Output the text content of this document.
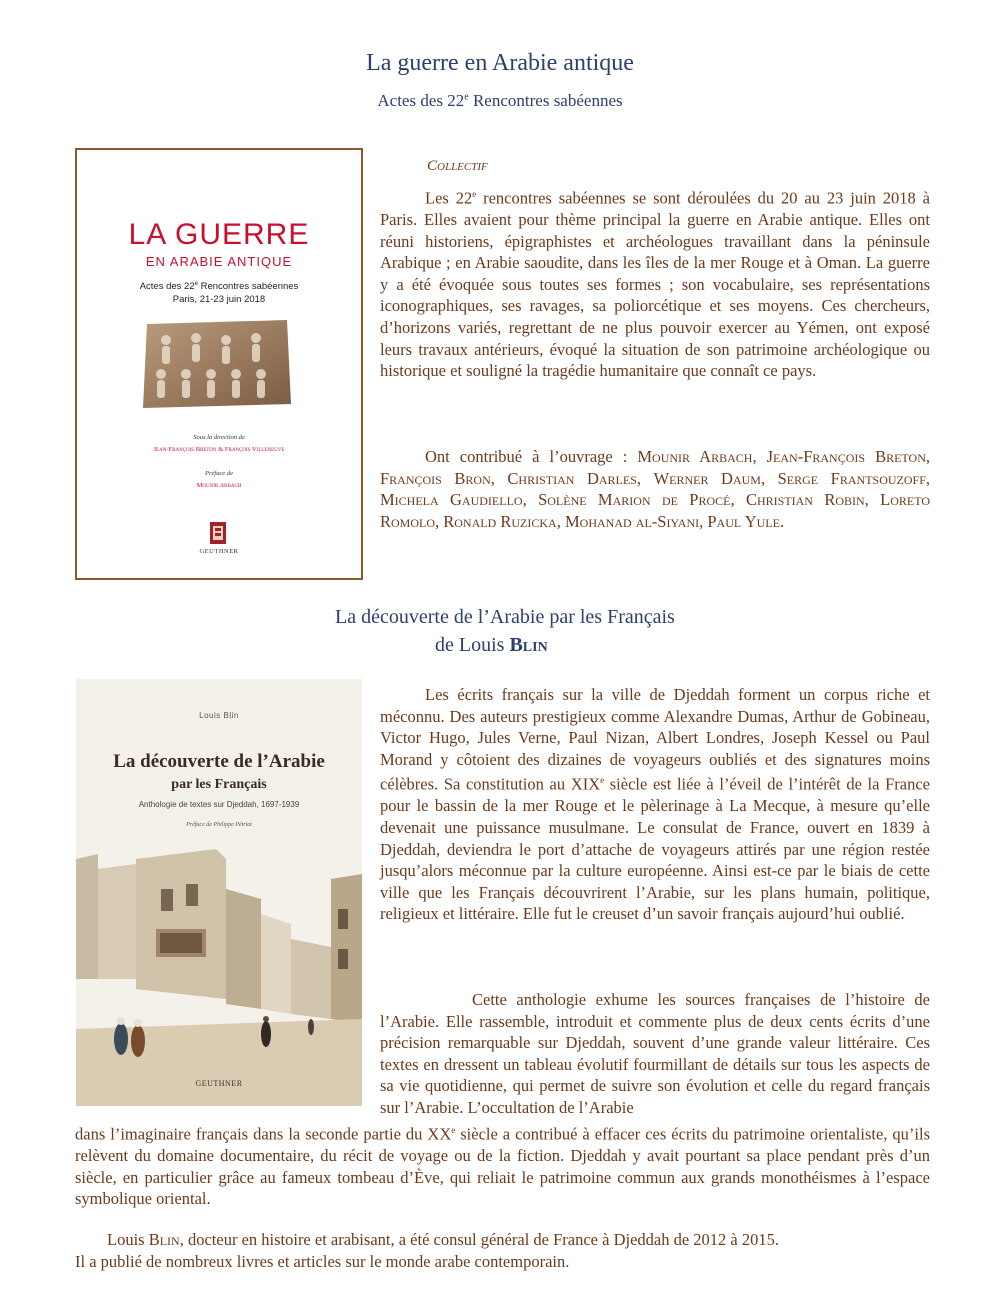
La guerre en Arabie antique
Actes des 22e Rencontres sabéennes
LA GUERRE
EN ARABIE ANTIQUE
Actes des 22e Rencontres sabéennes
Paris, 21-23 juin 2018
Sous la direction de
Jean-François Breton & François Villeneuve
Préface de
Mounir Arbach
GEUTHNER
Collectif

Les 22e rencontres sabéennes se sont déroulées du 20 au 23 juin 2018 à Paris. Elles avaient pour thème principal la guerre en Arabie antique. Elles ont réuni historiens, épigraphistes et archéologues travaillant dans la péninsule Arabique ; en Arabie saoudite, dans les îles de la mer Rouge et à Oman. La guerre y a été évoquée sous toutes ses formes ; son vocabulaire, ses représentations iconographiques, ses ravages, sa poliorcétique et ses moyens. Ces chercheurs, d’horizons variés, regrettant de ne plus pouvoir exercer au Yémen, ont exposé leurs travaux antérieurs, évoqué la situation de son patrimoine archéologique ou historique et souligné la tragédie humanitaire que connaît ce pays.

Ont contribué à l’ouvrage : Mounir Arbach, Jean-François Breton, François Bron, Christian Darles, Werner Daum, Serge Frantsouzoff, Michela Gaudiello, Solène Marion de Procé, Christian Robin, Loreto Romolo, Ronald Ruzicka, Mohanad al-Siyani, Paul Yule.

La découverte de l’Arabie par les Français
de Louis Blin
Louis Blin
La découverte de l’Arabie
par les Français
Anthologie de textes sur Djeddah, 1697-1939
Préface de Philippe Pétriat
GEUTHNER

Les écrits français sur la ville de Djeddah forment un corpus riche et méconnu. Des auteurs prestigieux comme Alexandre Dumas, Arthur de Gobineau, Victor Hugo, Jules Verne, Paul Nizan, Albert Londres, Joseph Kessel ou Paul Morand y côtoient des dizaines de voyageurs oubliés et des signatures moins célèbres. Sa constitution au XIXe siècle est liée à l’éveil de l’intérêt de la France pour le bassin de la mer Rouge et le pèlerinage à La Mecque, à mesure qu’elle devenait une puissance musulmane. Le consulat de France, ouvert en 1839 à Djeddah, deviendra le port d’attache de voyageurs attirés par une région restée jusqu’alors méconnue par la culture européenne. Ainsi est-ce par le biais de cette ville que les Français découvrirent l’Arabie, sur les plans humain, politique, religieux et littéraire. Elle fut le creuset d’un savoir français aujourd’hui oublié.

Cette anthologie exhume les sources françaises de l’histoire de l’Arabie. Elle rassemble, introduit et commente plus de deux cents écrits d’une précision remarquable sur Djeddah, souvent d’une grande valeur littéraire. Ces textes en dressent un tableau évolutif fourmillant de détails sur tous les aspects de sa vie quotidienne, qui permet de suivre son évolution et celle du regard français sur l’Arabie. L’occultation de l’Arabie

dans l’imaginaire français dans la seconde partie du XXe siècle a contribué à effacer ces écrits du patrimoine orientaliste, qu’ils relèvent du domaine documentaire, du récit de voyage ou de la fiction. Djeddah y avait pourtant sa place pendant près d’un siècle, en particulier grâce au fameux tombeau d’Ève, qui reliait le patrimoine commun aux grands monothéismes à l’espace symbolique oriental.

Louis Blin, docteur en histoire et arabisant, a été consul général de France à Djeddah de 2012 à 2015.
Il a publié de nombreux livres et articles sur le monde arabe contemporain.
